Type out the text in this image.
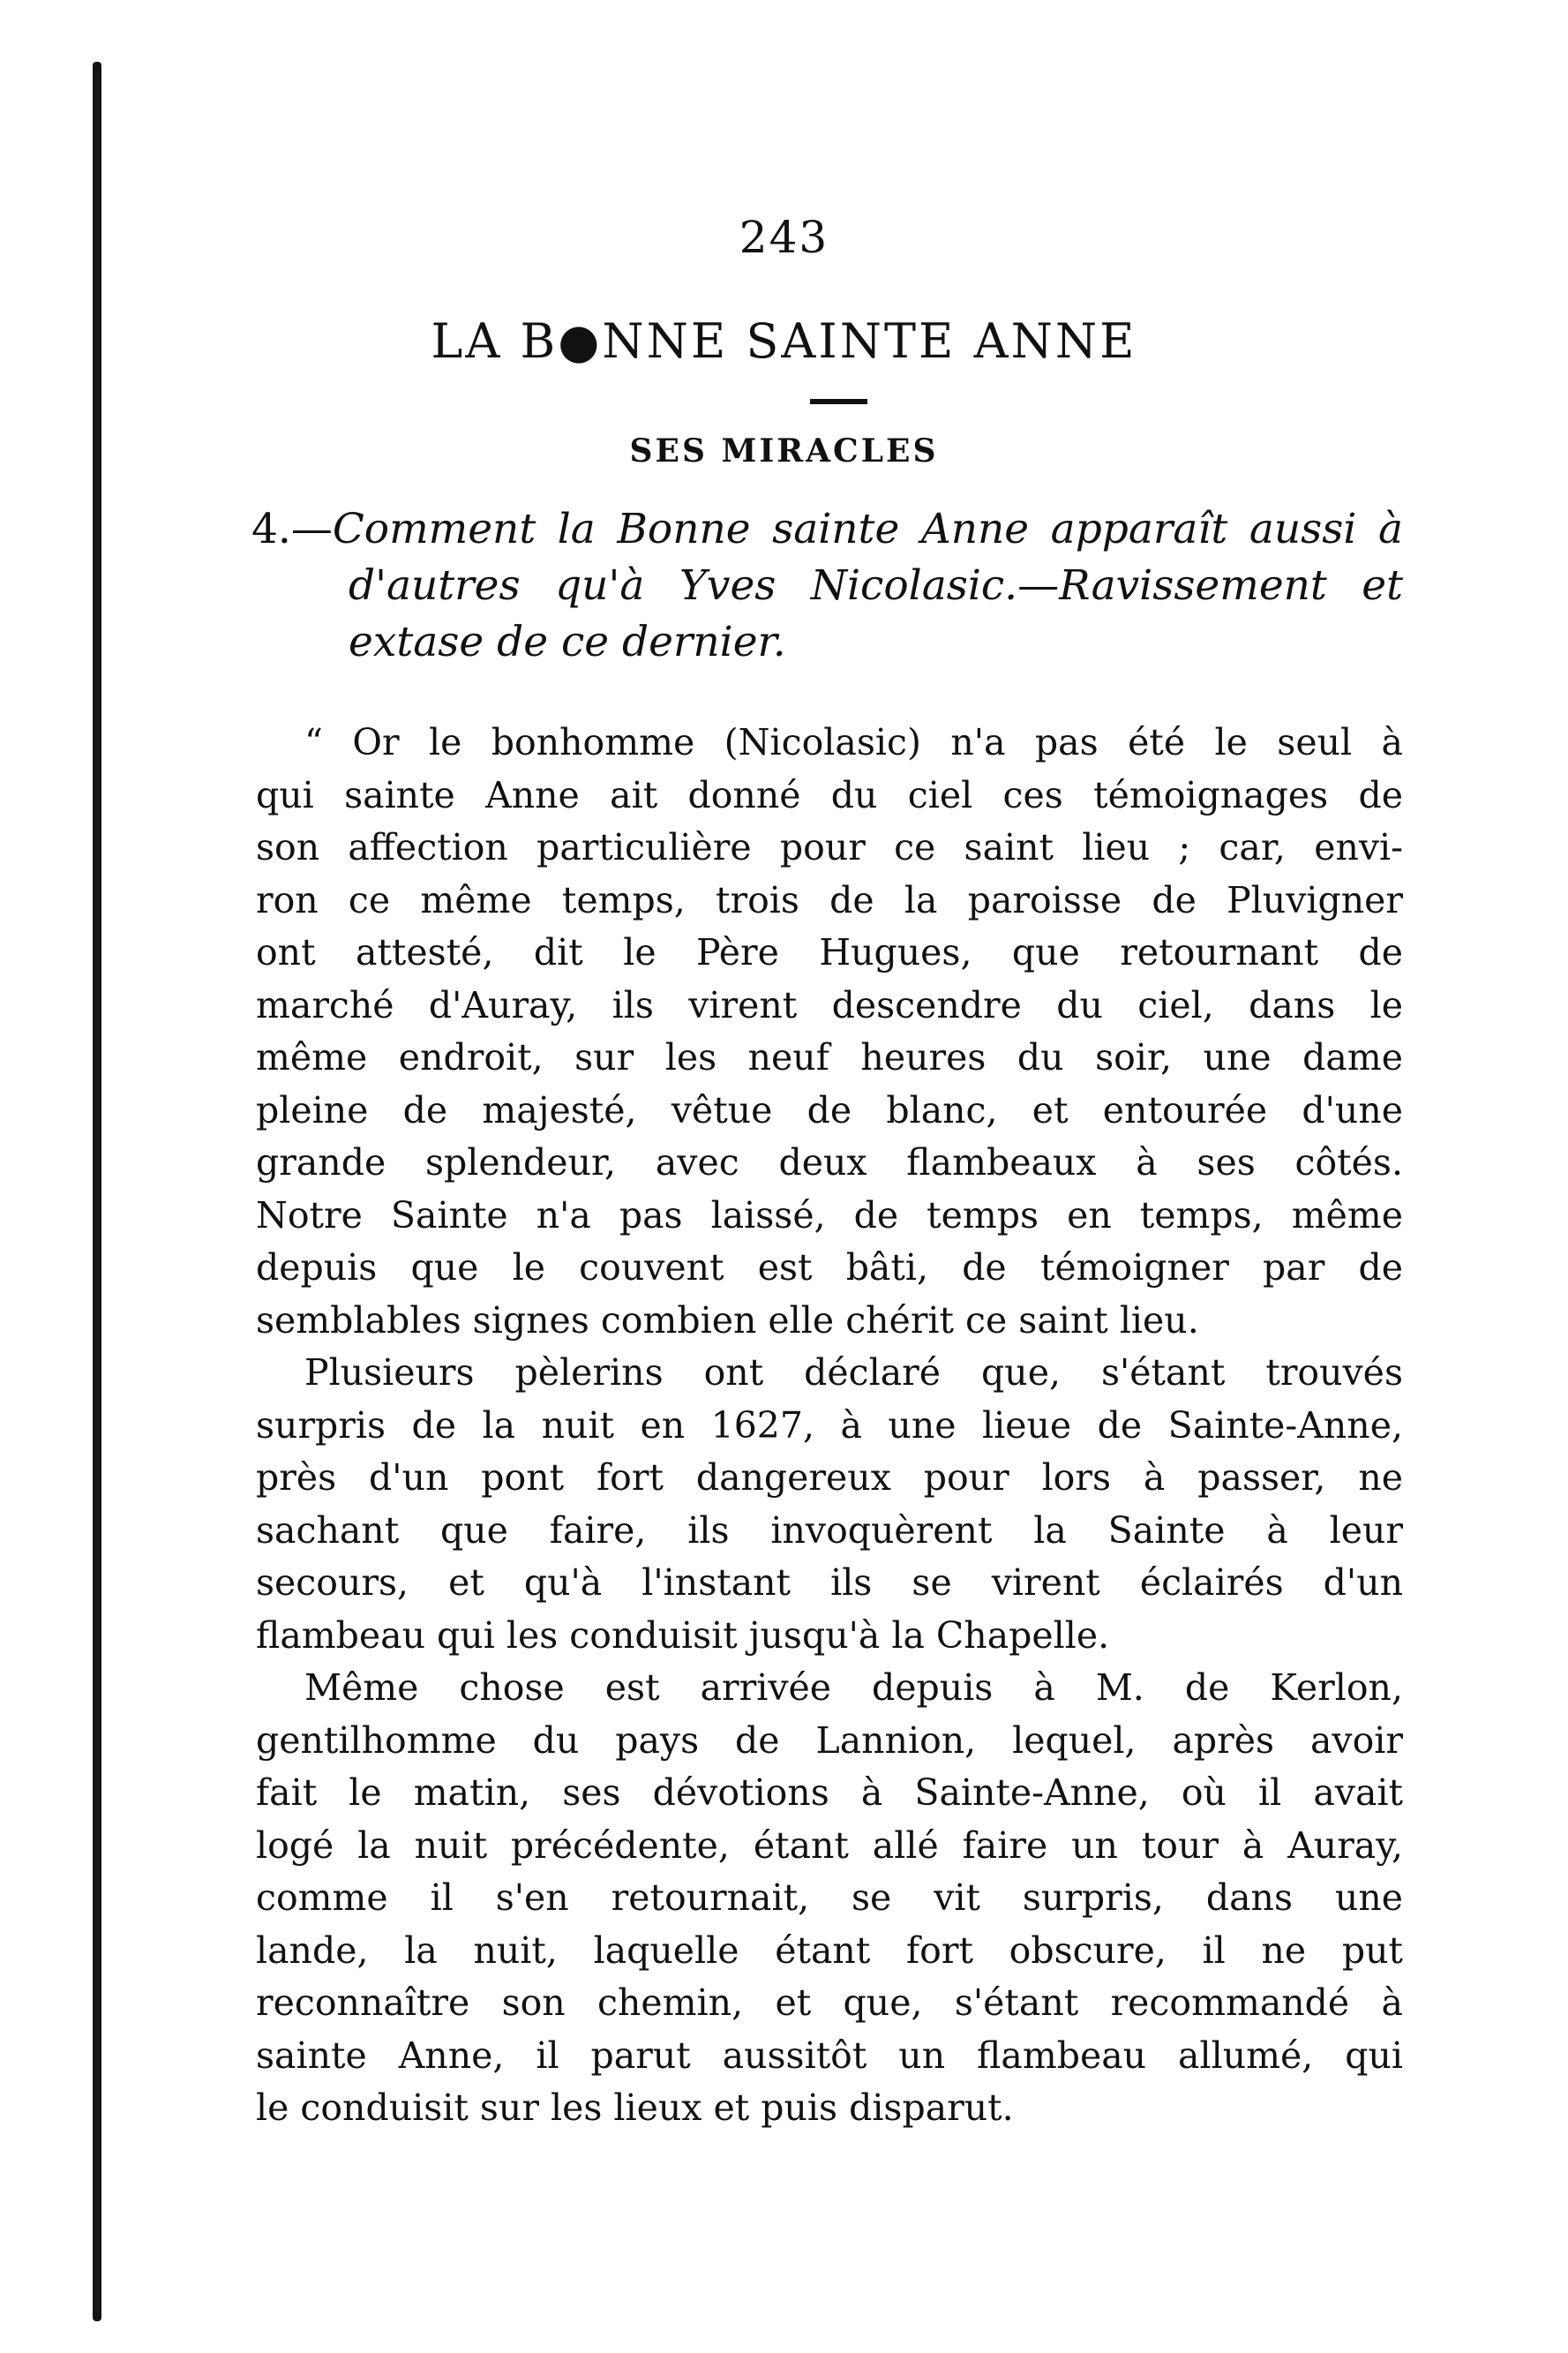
243
LA B●NNE SAINTE ANNE
SES MIRACLES
4.—Comment la Bonne sainte Anne apparaît aussi à
d'autres qu'à Yves Nicolasic.—Ravissement et
extase de ce dernier.
“ Or le bonhomme (Nicolasic) n'a pas été le seul à
qui sainte Anne ait donné du ciel ces témoignages de
son affection particulière pour ce saint lieu ; car, envi-
ron ce même temps, trois de la paroisse de Pluvigner
ont attesté, dit le Père Hugues, que retournant de
marché d'Auray, ils virent descendre du ciel, dans le
même endroit, sur les neuf heures du soir, une dame
pleine de majesté, vêtue de blanc, et entourée d'une
grande splendeur, avec deux flambeaux à ses côtés.
Notre Sainte n'a pas laissé, de temps en temps, même
depuis que le couvent est bâti, de témoigner par de
semblables signes combien elle chérit ce saint lieu.
Plusieurs pèlerins ont déclaré que, s'étant trouvés
surpris de la nuit en 1627, à une lieue de Sainte-Anne,
près d'un pont fort dangereux pour lors à passer, ne
sachant que faire, ils invoquèrent la Sainte à leur
secours, et qu'à l'instant ils se virent éclairés d'un
flambeau qui les conduisit jusqu'à la Chapelle.
Même chose est arrivée depuis à M. de Kerlon,
gentilhomme du pays de Lannion, lequel, après avoir
fait le matin, ses dévotions à Sainte-Anne, où il avait
logé la nuit précédente, étant allé faire un tour à Auray,
comme il s'en retournait, se vit surpris, dans une
lande, la nuit, laquelle étant fort obscure, il ne put
reconnaître son chemin, et que, s'étant recommandé à
sainte Anne, il parut aussitôt un flambeau allumé, qui
le conduisit sur les lieux et puis disparut.
